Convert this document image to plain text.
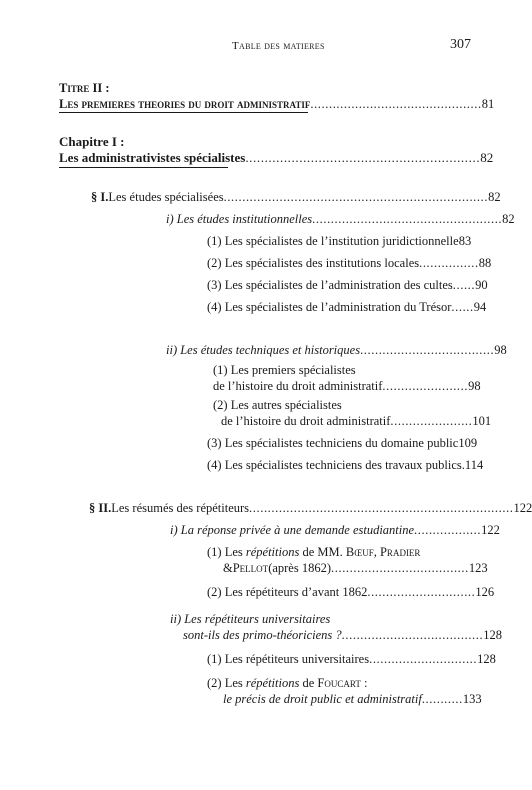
Table des matieres	307
Titre II :
Les premieres theories du droit administratif .............................................. 81
Chapitre I :
Les administrativistes spécialistes ............................................................. 82
§ I. Les études spécialisées ....................................................................... 82
i) Les études institutionnelles ................................................... 82
(1) Les spécialistes de l’institution juridictionnelle 83
(2) Les spécialistes des institutions locales ................ 88
(3) Les spécialistes de l’administration des cultes ...... 90
(4) Les spécialistes de l’administration du Trésor ...... 94
ii) Les études techniques et historiques .................................... 98
(1) Les premiers spécialistes
de l’histoire du droit administratif ....................... 98
(2) Les autres spécialistes
de l’histoire du droit administratif ...................... 101
(3) Les spécialistes techniciens du domaine public 109
(4) Les spécialistes techniciens des travaux publics. 114
§ II. Les résumés des répétiteurs ....................................................................... 122
i) La réponse privée à une demande estudiantine .................. 122
(1) Les répétitions de MM. Bœuf, Pradier
& Pellot (après 1862) ..................................... 123
(2) Les répétiteurs d’avant 1862 ............................. 126
ii) Les répétiteurs universitaires
sont-ils des primo-théoriciens ? ...................................... 128
(1) Les répétiteurs universitaires ............................. 128
(2) Les répétitions de Foucart :
le précis de droit public et administratif ........... 133
